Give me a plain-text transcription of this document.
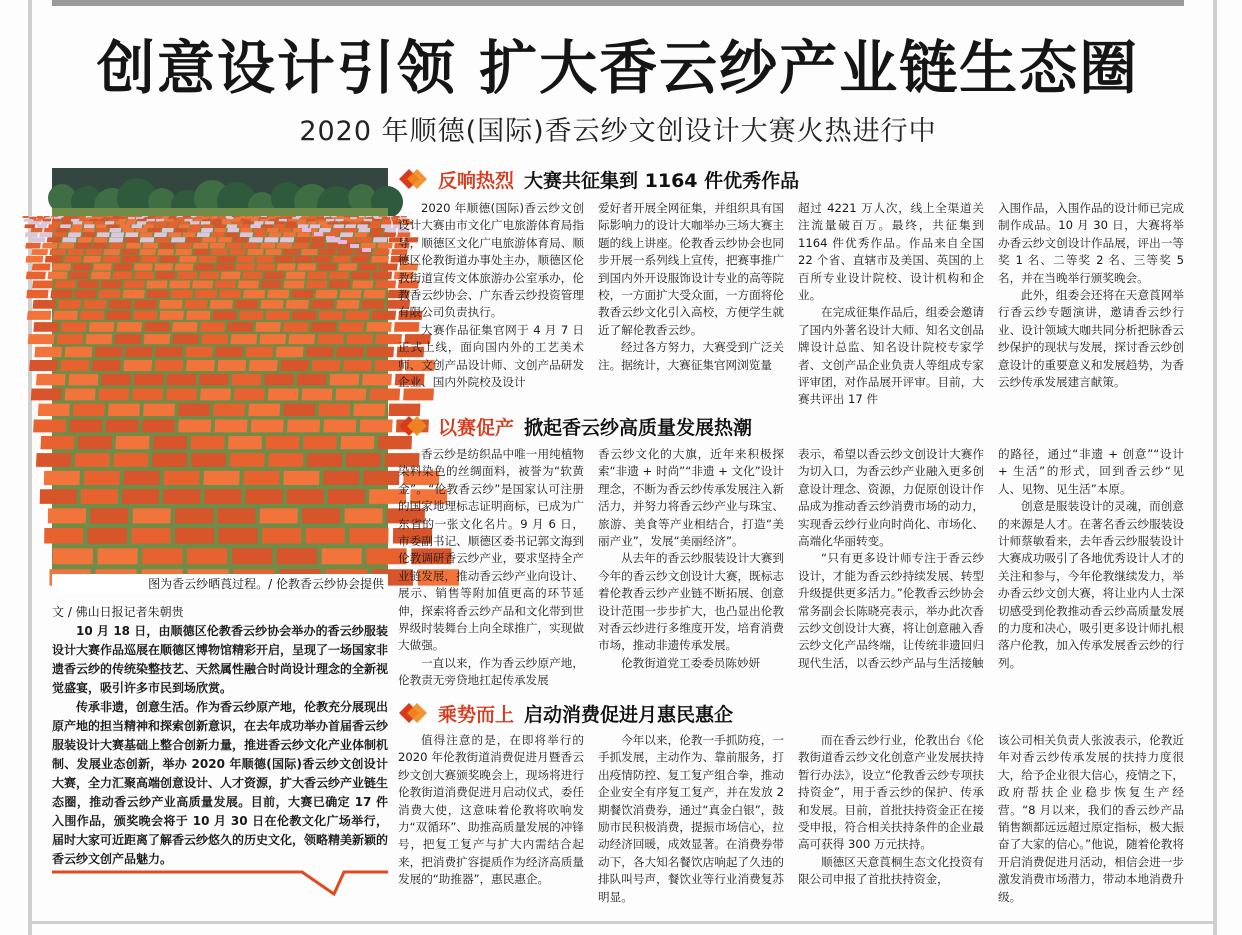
创意设计引领 扩大香云纱产业链生态圈
2020 年顺德(国际)香云纱文创设计大赛火热进行中
图为香云纱晒莨过程。/ 伦教香云纱协会提供
文 / 佛山日报记者朱朝贵

10 月 18 日，由顺德区伦教香云纱协会举办的香云纱服装设计大赛作品巡展在顺德区博物馆精彩开启，呈现了一场国家非遗香云纱的传统染整技艺、天然属性融合时尚设计理念的全新视觉盛宴，吸引许多市民到场欣赏。

传承非遗，创意生活。作为香云纱原产地，伦教充分展现出原产地的担当精神和探索创新意识，在去年成功举办首届香云纱服装设计大赛基础上整合创新力量，推进香云纱文化产业体制机制、发展业态创新，举办 2020 年顺德(国际)香云纱文创设计大赛，全力汇聚高端创意设计、人才资源，扩大香云纱产业链生态圈，推动香云纱产业高质量发展。目前，大赛已确定 17 件入围作品，颁奖晚会将于 10 月 30 日在伦教文化广场举行，届时大家可近距离了解香云纱悠久的历史文化，领略精美新颖的香云纱文创产品魅力。

反响热烈 大赛共征集到 1164 件优秀作品

2020 年顺德(国际)香云纱文创设计大赛由市文化广电旅游体育局指导，顺德区文化广电旅游体育局、顺德区伦教街道办事处主办，顺德区伦教街道宣传文体旅游办公室承办，伦教香云纱协会、广东香云纱投资管理有限公司负责执行。

大赛作品征集官网于 4 月 7 日正式上线，面向国内外的工艺美术师、文创产品设计师、文创产品研发企业、国内外院校及设计

爱好者开展全网征集，并组织具有国际影响力的设计大咖举办三场大赛主题的线上讲座。伦教香云纱协会也同步开展一系列线上宣传，把赛事推广到国内外开设服饰设计专业的高等院校，一方面扩大受众面，一方面将伦教香云纱文化引入高校，方便学生就近了解伦教香云纱。

经过各方努力，大赛受到广泛关注。据统计，大赛征集官网浏览量

超过 4221 万人次，线上全渠道关注流量破百万。最终，共征集到 1164 件优秀作品。作品来自全国 22 个省、直辖市及美国、英国的上百所专业设计院校、设计机构和企业。

在完成征集作品后，组委会邀请了国内外著名设计大师、知名文创品牌设计总监、知名设计院校专家学者、文创产品企业负责人等组成专家评审团，对作品展开评审。目前，大赛共评出 17 件

入围作品，入围作品的设计师已完成制作成品。10 月 30 日，大赛将举办香云纱文创设计作品展，评出一等奖 1 名、二等奖 2 名、三等奖 5 名，并在当晚举行颁奖晚会。

此外，组委会还将在天意莨网举行香云纱专题演讲，邀请香云纱行业、设计领域大咖共同分析把脉香云纱保护的现状与发展，探讨香云纱创意设计的重要意义和发展趋势，为香云纱传承发展建言献策。

以赛促产 掀起香云纱高质量发展热潮

香云纱是纺织品中唯一用纯植物染料染色的丝绸面料，被誉为“软黄金”。“伦教香云纱”是国家认可注册的国家地理标志证明商标，已成为广东省的一张文化名片。9 月 6 日，市委副书记、顺德区委书记郭文海到伦教调研香云纱产业，要求坚持全产业链发展，推动香云纱产业向设计、展示、销售等附加值更高的环节延伸，探索将香云纱产品和文化带到世界级时装舞台上向全球推广，实现做大做强。

一直以来，作为香云纱原产地，伦教责无旁贷地扛起传承发展

香云纱文化的大旗，近年来积极探索“非遗 + 时尚”“非遗 + 文化”设计理念，不断为香云纱传承发展注入新活力，并努力将香云纱产业与珠宝、旅游、美食等产业相结合，打造“美丽产业”，发展“美丽经济”。

从去年的香云纱服装设计大赛到今年的香云纱文创设计大赛，既标志着伦教香云纱产业链不断拓展、创意设计范围一步步扩大，也凸显出伦教对香云纱进行多维度开发，培育消费市场，推动非遗传承发展。

伦教街道党工委委员陈妙妍

表示，希望以香云纱文创设计大赛作为切入口，为香云纱产业融入更多创意设计理念、资源，力促原创设计作品成为推动香云纱消费市场的动力，实现香云纱行业向时尚化、市场化、高端化华丽转变。

“只有更多设计师专注于香云纱设计，才能为香云纱持续发展、转型升级提供更多活力。”伦教香云纱协会常务副会长陈晓亮表示，举办此次香云纱文创设计大赛，将让创意融入香云纱文化产品终端，让传统非遗回归现代生活，以香云纱产品与生活接触

的路径，通过“非遗 + 创意”“设计 + 生活”的形式，回到香云纱“见人、见物、见生活”本原。

创意是服装设计的灵魂，而创意的来源是人才。在著名香云纱服装设计师蔡敏看来，去年香云纱服装设计大赛成功吸引了各地优秀设计人才的关注和参与，今年伦教继续发力，举办香云纱文创大赛，将让业内人士深切感受到伦教推动香云纱高质量发展的力度和决心，吸引更多设计师扎根落户伦教，加入传承发展香云纱的行列。

乘势而上 启动消费促进月惠民惠企

值得注意的是，在即将举行的 2020 年伦教街道消费促进月暨香云纱文创大赛颁奖晚会上，现场将进行伦教街道消费促进月启动仪式，委任消费大使，这意味着伦教将吹响发力“双循环”、助推高质量发展的冲锋号，把复工复产与扩大内需结合起来，把消费扩容提质作为经济高质量发展的“助推器”，惠民惠企。

今年以来，伦教一手抓防疫，一手抓发展，主动作为、靠前服务，打出疫情防控、复工复产组合拳，推动企业安全有序复工复产，并在发放 2 期餐饮消费券，通过“真金白银”，鼓励市民积极消费，提振市场信心，拉动经济回暖，成效显著。在消费券带动下，各大知名餐饮店响起了久违的排队叫号声，餐饮业等行业消费复苏明显。

而在香云纱行业，伦教出台《伦教街道香云纱文化创意产业发展扶持暂行办法》，设立“伦教香云纱专项扶持资金”，用于香云纱的保护、传承和发展。目前，首批扶持资金正在接受申报，符合相关扶持条件的企业最高可获得 300 万元扶持。

顺德区天意莨桐生态文化投资有限公司申报了首批扶持资金，

该公司相关负责人张波表示，伦教近年对香云纱传承发展的扶持力度很大，给予企业很大信心，疫情之下，政府帮扶企业稳步恢复生产经营。“8 月以来，我们的香云纱产品销售额都远远超过原定指标，极大振奋了大家的信心。”他说，随着伦教将开启消费促进月活动，相信会进一步激发消费市场潜力，带动本地消费升级。
